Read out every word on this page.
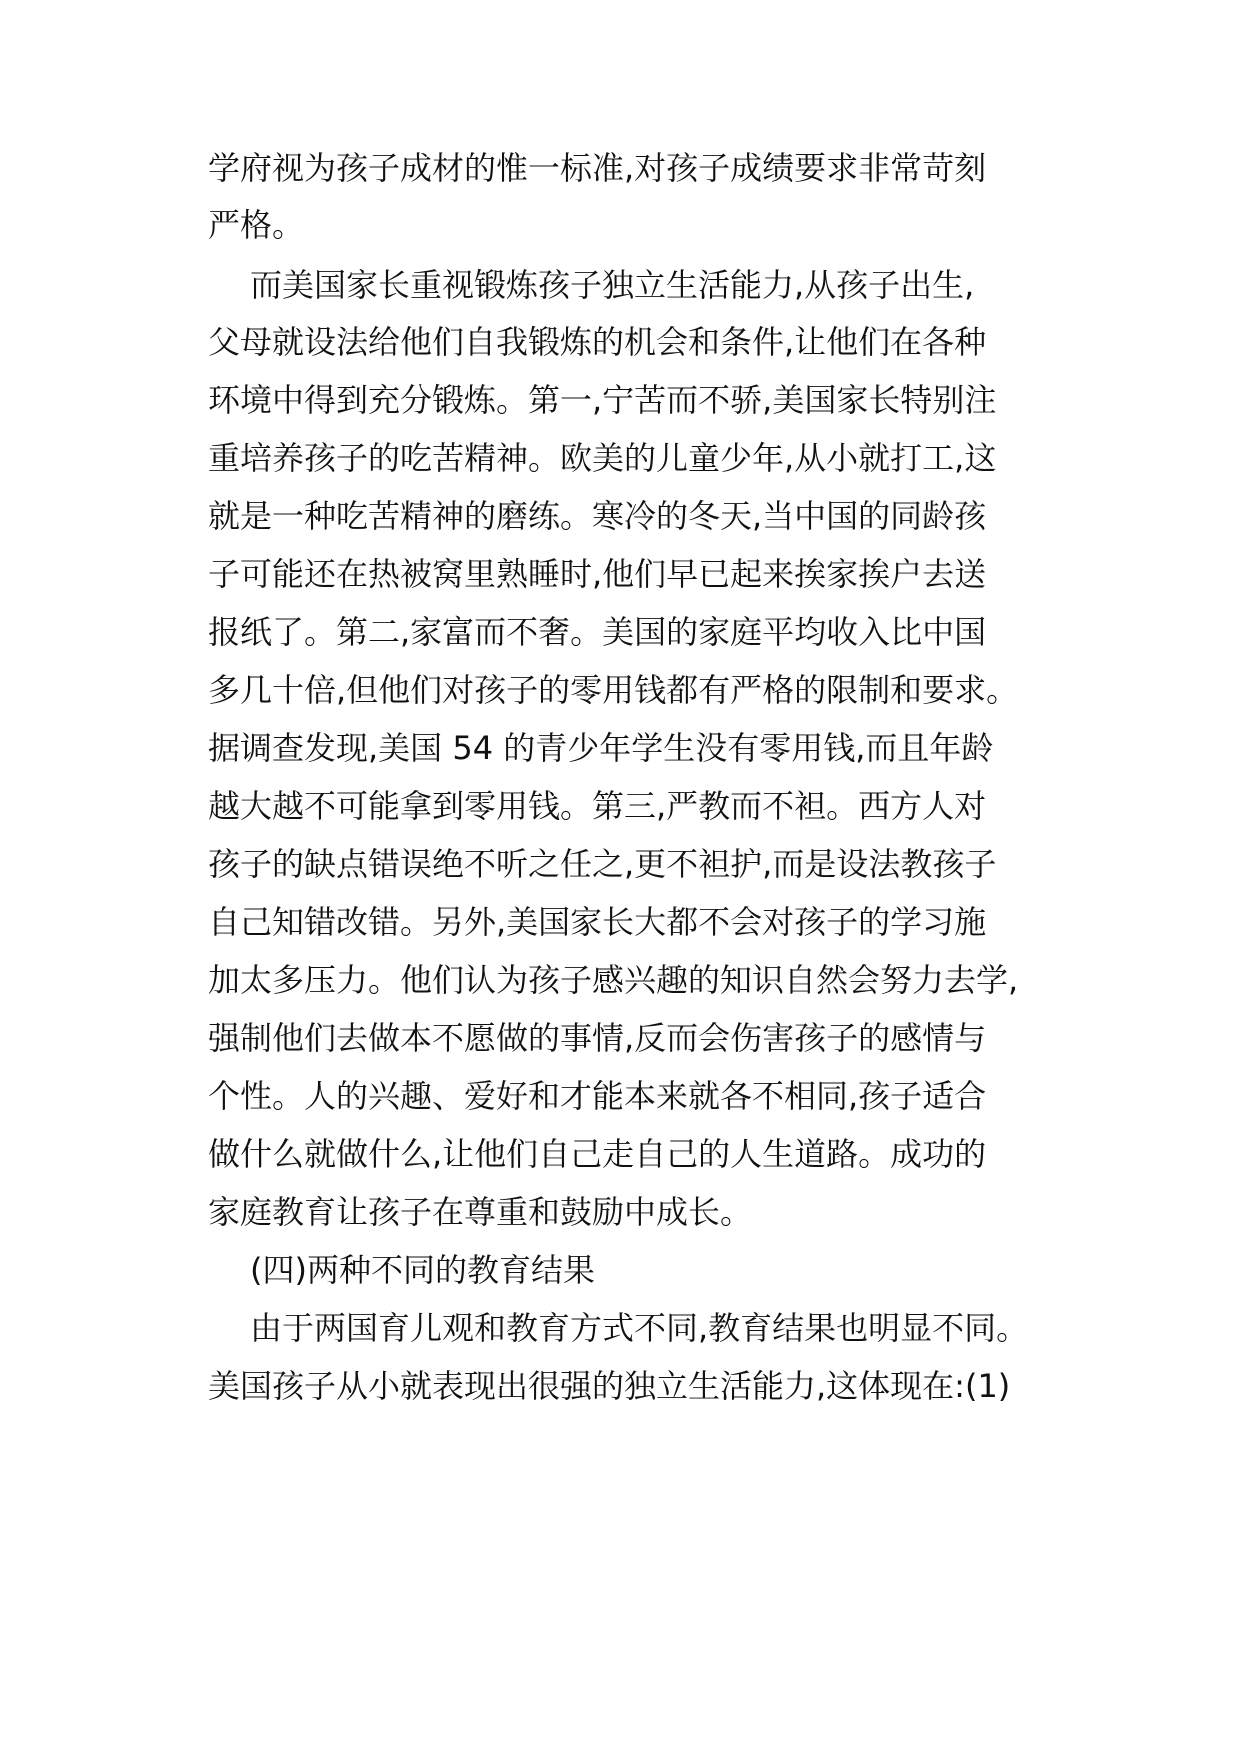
学府视为孩子成材的惟一标准,对孩子成绩要求非常苛刻
严格。
而美国家长重视锻炼孩子独立生活能力,从孩子出生,
父母就设法给他们自我锻炼的机会和条件,让他们在各种
环境中得到充分锻炼。第一,宁苦而不骄,美国家长特别注
重培养孩子的吃苦精神。欧美的儿童少年,从小就打工,这
就是一种吃苦精神的磨练。寒冷的冬天,当中国的同龄孩
子可能还在热被窝里熟睡时,他们早已起来挨家挨户去送
报纸了。第二,家富而不奢。美国的家庭平均收入比中国
多几十倍,但他们对孩子的零用钱都有严格的限制和要求。
据调查发现,美国 54 的青少年学生没有零用钱,而且年龄
越大越不可能拿到零用钱。第三,严教而不袒。西方人对
孩子的缺点错误绝不听之任之,更不袒护,而是设法教孩子
自己知错改错。另外,美国家长大都不会对孩子的学习施
加太多压力。他们认为孩子感兴趣的知识自然会努力去学,
强制他们去做本不愿做的事情,反而会伤害孩子的感情与
个性。人的兴趣、爱好和才能本来就各不相同,孩子适合
做什么就做什么,让他们自己走自己的人生道路。成功的
家庭教育让孩子在尊重和鼓励中成长。
(四)两种不同的教育结果
由于两国育儿观和教育方式不同,教育结果也明显不同。
美国孩子从小就表现出很强的独立生活能力,这体现在:(1)
